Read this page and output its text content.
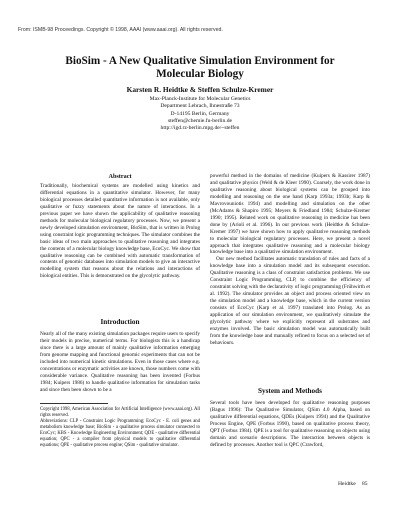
From: ISMB-98 Proceedings. Copyright © 1998, AAAI (www.aaai.org). All rights reserved.
BioSim - A New Qualitative Simulation Environment for
Molecular Biology
Karsten R. Heidtke & Steffen Schulze-Kremer
Max-Planck-Institute for Molecular Genetics
Department Lehrach, Ihnestraße 73
D-14195 Berlin, Germany
steffen@chemie.fu-berlin.de
http://igd.rz-berlin.mpg.de/~steffen
Abstract

Traditionally, biochemical systems are modelled using kinetics and differential equations in a quantitative simulator. However, for many biological processes detailed quantitative information is not available, only qualitative or fuzzy statements about the nature of interactions. In a previous paper we have shown the applicability of qualitative reasoning methods for molecular biological regulatory processes. Now, we present a newly developed simulation environment, BioSim, that is written in Prolog using constraint logic programming techniques. The simulator combines the basic ideas of two main approaches to qualitative reasoning and integrates the contents of a molecular biology knowledge base, EcoCyc. We show that qualitative reasoning can be combined with automatic transformation of contents of genomic databases into simulation models to give an interactive modelling system that reasons about the relations and interactions of biological entities. This is demonstrated on the glycolytic pathway.

Introduction

Nearly all of the many existing simulation packages require users to specify their models in precise, numerical terms. For biologists this is a handicap since there is a large amount of mainly qualitative information emerging from genome mapping and functional genomic experiments that can not be included into numerical kinetic simulations. Even in those cases where e.g. concentrations or enzymatic activities are known, those numbers come with considerable variance. Qualitative reasoning has been invented (Forbus 1984; Kuipers 1986) to handle qualitative information for simulation tasks and since then been shown to be a

Copyright 1998, American Association for Artificial Intelligence (www.aaai.org). All rights reserved.

Abbreviations: CLP - Constraint Logic Programming; EcoCyc - E. coli genes and metabolism knowledge base; BioSim - a qualitative process simulator connected to EcoCyc; KBS - Knowledge Engineering Environment; QDE - qualitative differential equation; QPC - a compiler from physical models to qualitative differential equations; QPE - qualitative process engine; QSim - qualitative simulator.

powerful method in the domains of medicine (Kuipers & Kassirer 1987) and qualitative physics (Weld & de Kleer 1990). Coarsely, the work done in qualitative reasoning about biological systems can be grouped into modelling and reasoning on the one hand (Karp 1993a; 1993b; Karp & Mavrovouniotis 1994) and modelling and simulation on the other (McAdams & Shapiro 1995; Meyers & Friedland 1984; Schulze-Kremer 1990; 1995). Related work on qualitative reasoning in medicine has been done by (Arioli et al. 1996). In our previous work (Heidtke & Schulze-Kremer 1997) we have shown how to apply qualitative reasoning methods to molecular biological regulatory processes. Here, we present a novel approach that integrates qualitative reasoning and a molecular biology knowledge base into a qualitative simulation environment.

Our new method facilitates automatic translation of rules and facts of a knowledge base into a simulation model and its subsequent execution. Qualitative reasoning is a class of constraint satisfaction problems. We use Constraint Logic Programming, CLP, to combine the efficiency of constraint solving with the declarativity of logic programming (Frühwirth et al. 1992). The simulator provides an object and process oriented view on the simulation model and a knowledge base, which in the current version consists of EcoCyc (Karp et al. 1997) translated into Prolog. As an application of our simulation environment, we qualitatively simulate the glycolytic pathway where we explicitly represent all substrates and enzymes involved. The basic simulation model was automatically built from the knowledge base and manually refined to focus on a selected set of behaviours.

System and Methods

Several tools have been developed for qualitative reasoning purposes (Bagus 1996): The Qualitative Simulator, QSim 4.0 Alpha, based on qualitative differential equations, QDEs (Kuipers 1994) and the Qualitative Process Engine, QPE (Forbus 1990), based on qualitative process theory, QPT (Forbus 1984). QPE is a tool for qualitative reasoning on objects using domain and scenario descriptions. The interaction between objects is defined by processes. Another tool is QPC (Crawford,

Heidtke 85
